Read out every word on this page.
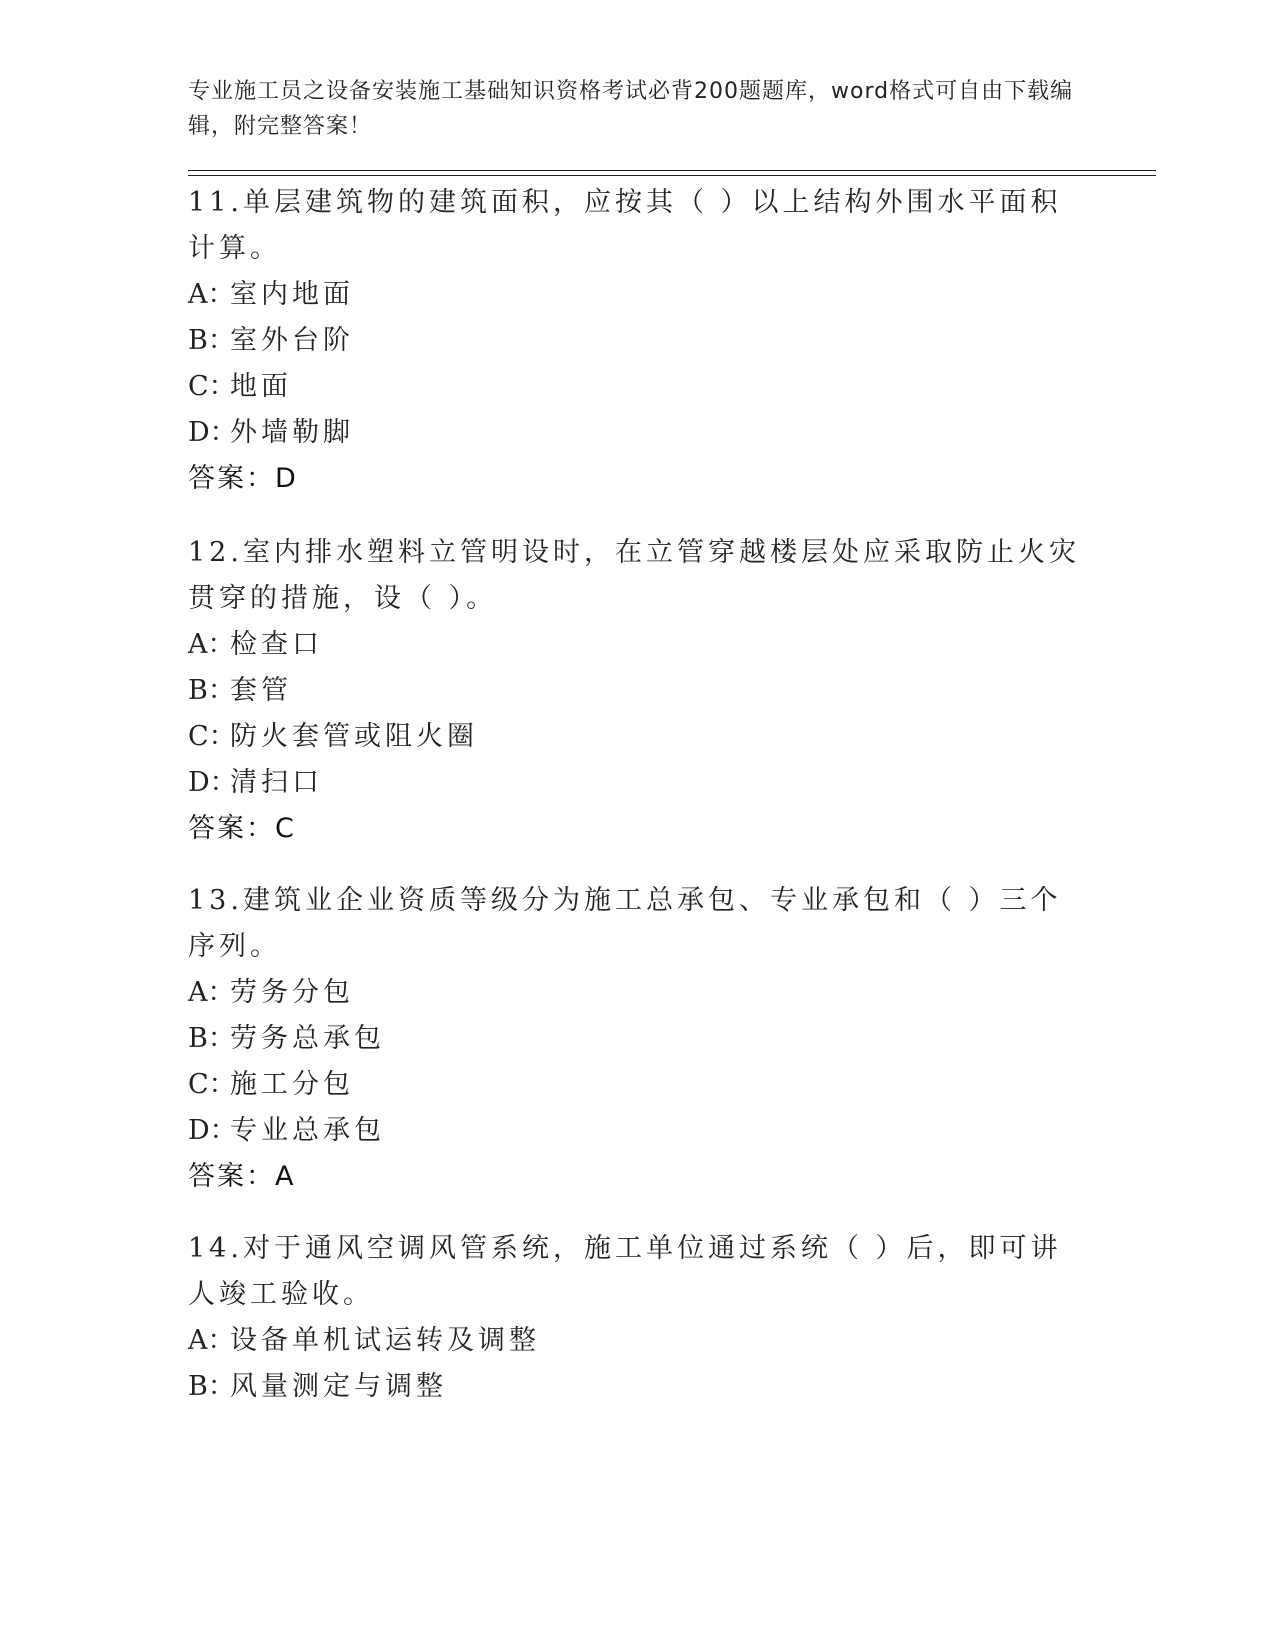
专业施工员之设备安装施工基础知识资格考试必背200题题库，word格式可自由下载编辑，附完整答案！
11.单层建筑物的建筑面积，应按其（ ）以上结构外围水平面积计算。
A：室内地面
B：室外台阶
C：地面
D：外墙勒脚
答案：D
12.室内排水塑料立管明设时，在立管穿越楼层处应采取防止火灾贯穿的措施，设（ ）。
A：检查口
B：套管
C：防火套管或阻火圈
D：清扫口
答案：C
13.建筑业企业资质等级分为施工总承包、专业承包和（ ）三个序列。
A：劳务分包
B：劳务总承包
C：施工分包
D：专业总承包
答案：A
14.对于通风空调风管系统，施工单位通过系统（ ）后，即可讲人竣工验收。
A：设备单机试运转及调整
B：风量测定与调整
